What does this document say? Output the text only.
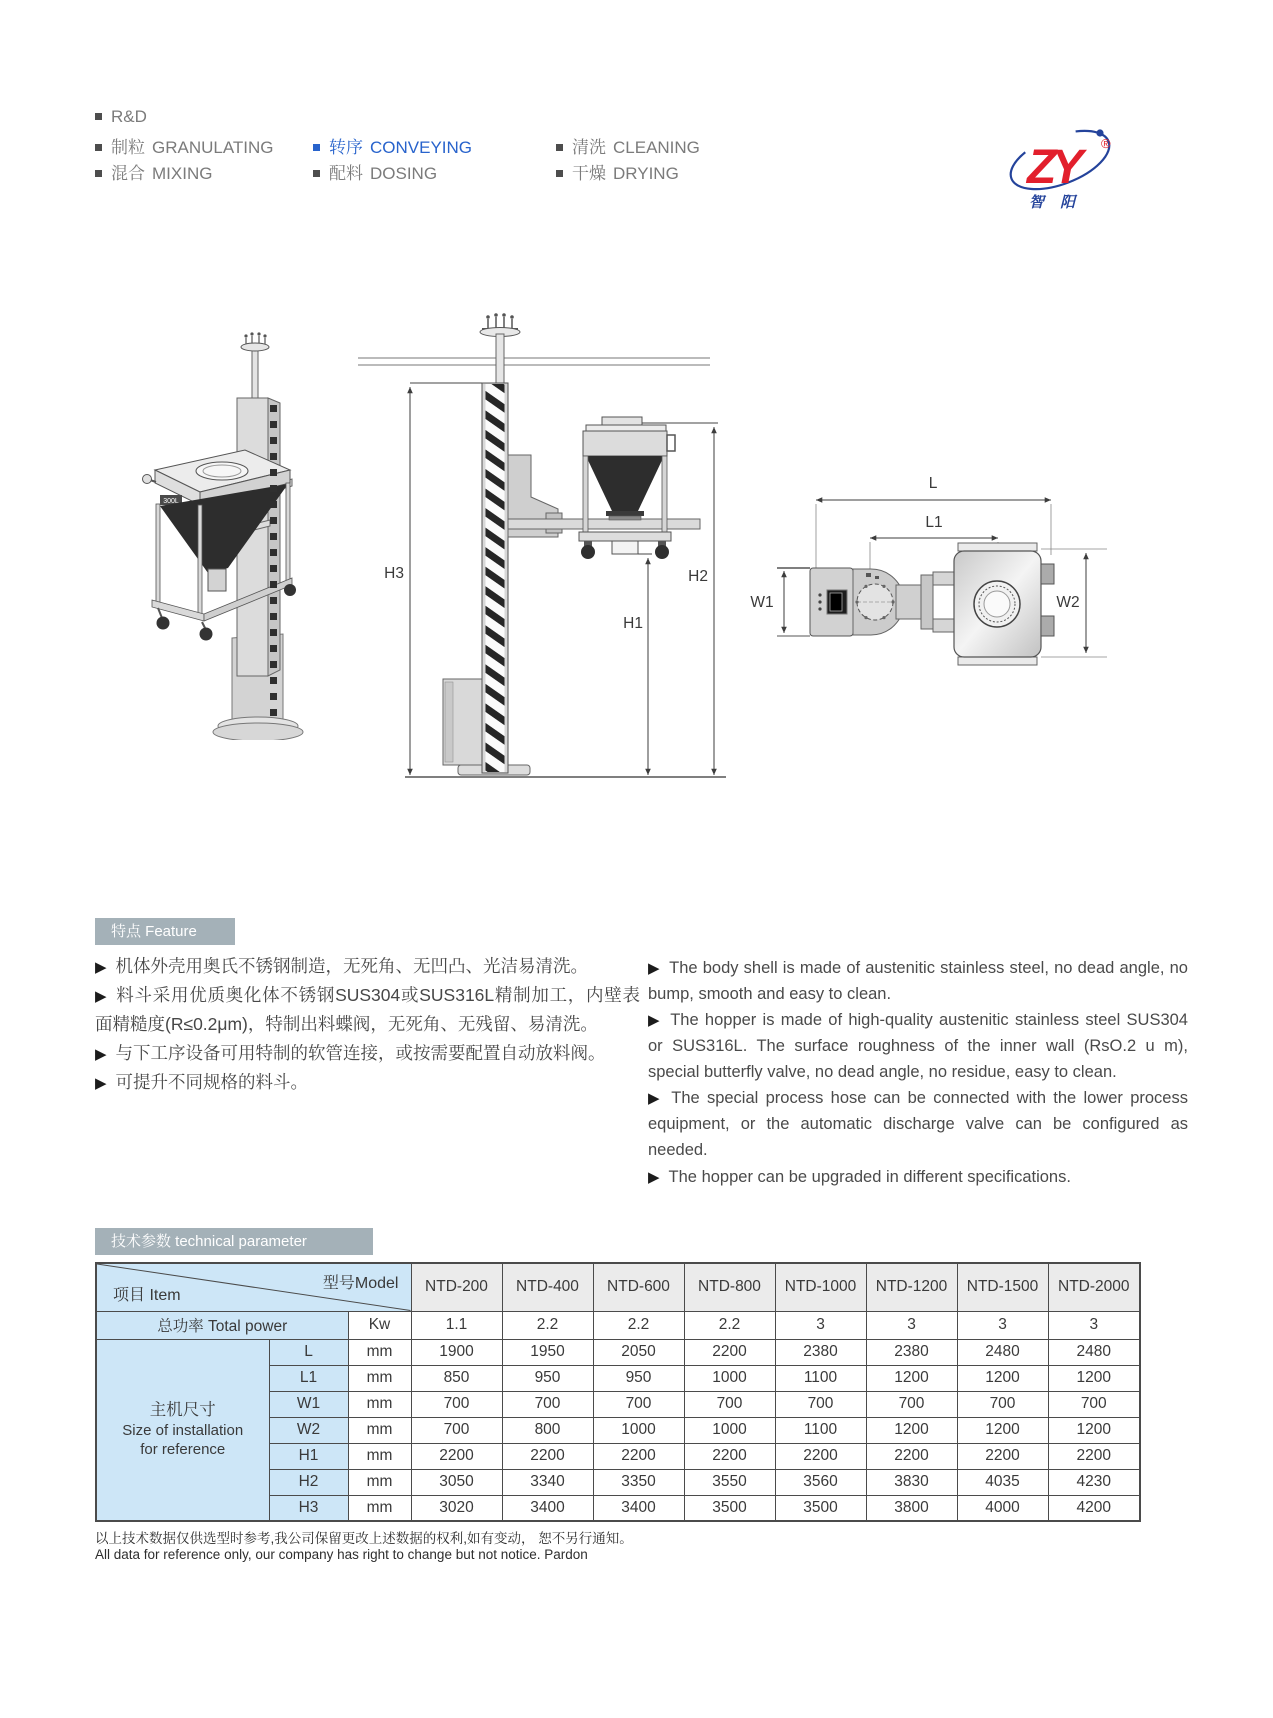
R&D
制粒 GRANULATING
混合 MIXING
转序 CONVEYING
配料 DOSING
清洗 CLEANING
干燥 DRYING	ZY	®
智 阳
300L
H3
H1
H2
L
L1
W1	W2
特点 Feature

▶ 机体外壳用奥氏不锈钢制造，无死角、无凹凸、光洁易清洗。

▶ 料斗采用优质奥化体不锈钢SUS304或SUS316L精制加工，内壁表面精糙度(R≤0.2μm)，特制出料蝶阀，无死角、无残留、易清洗。

▶ 与下工序设备可用特制的软管连接，或按需要配置自动放料阀。

▶ 可提升不同规格的料斗。

▶ The body shell is made of austenitic stainless steel, no dead angle, no bump, smooth and easy to clean.

▶ The hopper is made of high-quality austenitic stainless steel SUS304 or SUS316L. The surface roughness of the inner wall (RsO.2 u m), special butterfly valve, no dead angle, no residue, easy to clean.

▶ The special process hose can be connected with the lower process equipment, or the automatic discharge valve can be configured as needed.

▶ The hopper can be upgraded in different specifications.

技术参数 technical parameter
型号Model
项目 Item			NTD-200	NTD-400	NTD-600	NTD-800	NTD-1000	NTD-1200	NTD-1500	NTD-2000
总功率 Total power		Kw	1.1	2.2	2.2	2.2	3	3	3	3

主机尺寸
Size of installation
for reference	L	mm	1900	1950	2050	2200	2380	2380	2480	2480
	L1	mm	850	950	950	1000	1100	1200	1200	1200
	W1	mm	700	700	700	700	700	700	700	700
	W2	mm	700	800	1000	1000	1100	1200	1200	1200
	H1	mm	2200	2200	2200	2200	2200	2200	2200	2200
	H2	mm	3050	3340	3350	3550	3560	3830	4035	4230
	H3	mm	3020	3400	3400	3500	3500	3800	4000	4200
以上技术数据仅供选型时参考,我公司保留更改上述数据的权利,如有变动， 恕不另行通知。
All data for reference only, our company has right to change but not notice. Pardon
